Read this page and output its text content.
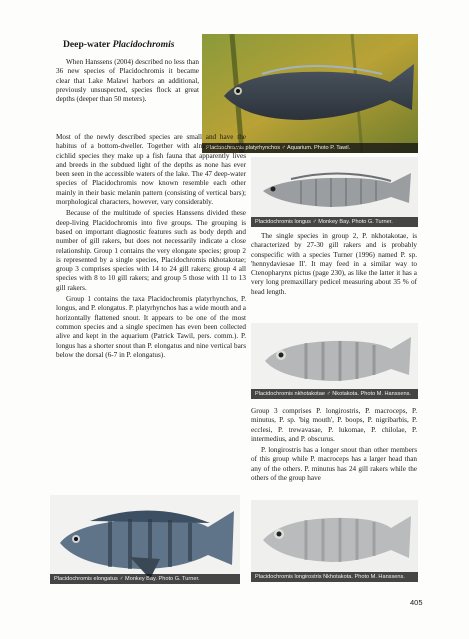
Deep-water Placidochromis

When Hanssens (2004) described no less than 36 new species of Placidochromis it became clear that Lake Malawi harbors an additional, previously unsuspected, species flock at great depths (deeper than 50 meters).

Placidochromis platyrhynchos ♂ Aquarium. Photo P. Tawil.

Most of the newly described species are small and have the habitus of a bottom-dweller. Together with almost 200 other cichlid species they make up a fish fauna that apparently lives and breeds in the subdued light of the depths as none has ever been seen in the accessible waters of the lake. The 47 deep-water species of Placidochromis now known resemble each other mainly in their basic melanin pattern (consisting of vertical bars); morphological characters, however, vary considerably.

Because of the multitude of species Hanssens divided these deep-living Placidochromis into five groups. The grouping is based on important diagnostic features such as body depth and number of gill rakers, but does not necessarily indicate a close relationship. Group 1 contains the very elongate species; group 2 is represented by a single species, Placidochromis nkhotakotae; group 3 comprises species with 14 to 24 gill rakers; group 4 all species with 8 to 10 gill rakers; and group 5 those with 11 to 13 gill rakers.

Group 1 contains the taxa Placidochromis platyrhynchos, P. longus, and P. elongatus. P. platyrhynchos has a wide mouth and a horizontally flattened snout. It appears to be one of the most common species and a single specimen has even been collected alive and kept in the aquarium (Patrick Tawil, pers. comm.). P. longus has a shorter snout than P. elongatus and nine vertical bars below the dorsal (6-7 in P. elongatus).

Placidochromis longus ♂ Monkey Bay. Photo G. Turner.

The single species in group 2, P. nkhotakotae, is characterized by 27-30 gill rakers and is probably conspecific with a species Turner (1996) named P. sp. 'hennydaviesae II'. It may feed in a similar way to Ctenopharynx pictus (page 230), as like the latter it has a very long premaxillary pedicel measuring about 35 % of head length.

Placidochromis nkhotakotae ♂ Nkotakota. Photo M. Hanssens.

Group 3 comprises P. longirostris, P. macroceps, P. minutus, P. sp. 'big mouth', P. boops, P. nigribarbis, P. ecclesi, P. trewavasae, P. lukomae, P. chilolae, P. intermedius, and P. obscurus.

P. longirostris has a longer snout than other members of this group while P. macroceps has a larger head than any of the others. P. minutus has 24 gill rakers while the others of the group have

Placidochromis elongatus ♂ Monkey Bay. Photo G. Turner.	Placidochromis longirostris Nkhotakota. Photo M. Hanssens.
405
